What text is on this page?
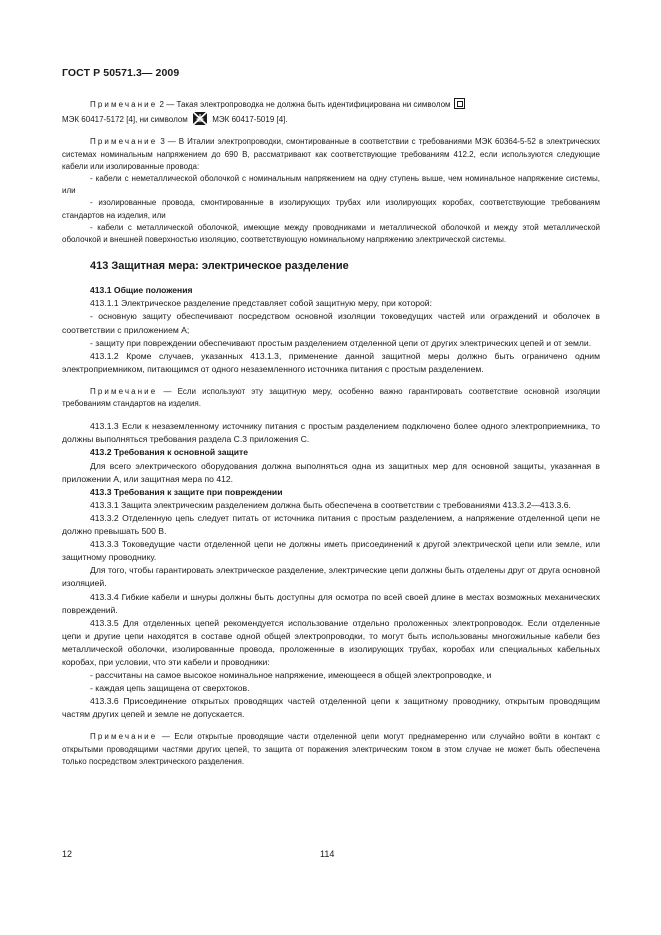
ГОСТ Р 50571.3— 2009

Примечание 2 — Такая электропроводка не должна быть идентифицирована ни символом
МЭК 60417-5172 [4], ни символом	МЭК 60417-5019 [4].

Примечание 3 — В Италии электропроводки, смонтированные в соответствии с требованиями МЭК 60364-5-52 в электрических системах номинальным напряжением до 690 В, рассматривают как соответствующие требованиям 412.2, если используются следующие кабели или изолированные провода:

- кабели с неметаллической оболочкой с номинальным напряжением на одну ступень выше, чем номинальное напряжение системы, или

- изолированные провода, смонтированные в изолирующих трубах или изолирующих коробах, соответствующие требованиям стандартов на изделия, или

- кабели с металлической оболочкой, имеющие между проводниками и металлической оболочкой и между этой металлической оболочкой и внешней поверхностью изоляцию, соответствующую номинальному напряжению электрической системы.

413 Защитная мера: электрическое разделение

413.1 Общие положения

413.1.1 Электрическое разделение представляет собой защитную меру, при которой:

- основную защиту обеспечивают посредством основной изоляции токоведущих частей или ограждений и оболочек в соответствии с приложением А;

- защиту при повреждении обеспечивают простым разделением отделенной цепи от других электрических цепей и от земли.

413.1.2 Кроме случаев, указанных 413.1.3, применение данной защитной меры должно быть ограничено одним электроприемником, питающимся от одного незаземленного источника питания с простым разделением.

Примечание — Если используют эту защитную меру, особенно важно гарантировать соответствие основной изоляции требованиям стандартов на изделия.

413.1.3 Если к незаземленному источнику питания с простым разделением подключено более одного электроприемника, то должны выполняться требования раздела С.3 приложения С.

413.2 Требования к основной защите

Для всего электрического оборудования должна выполняться одна из защитных мер для основной защиты, указанная в приложении А, или защитная мера по 412.

413.3 Требования к защите при повреждении

413.3.1 Защита электрическим разделением должна быть обеспечена в соответствии с требованиями 413.3.2—413.3.6.

413.3.2 Отделенную цепь следует питать от источника питания с простым разделением, а напряжение отделенной цепи не должно превышать 500 В.

413.3.3 Токоведущие части отделенной цепи не должны иметь присоединений к другой электрической цепи или земле, или защитному проводнику.

Для того, чтобы гарантировать электрическое разделение, электрические цепи должны быть отделены друг от друга основной изоляцией.

413.3.4 Гибкие кабели и шнуры должны быть доступны для осмотра по всей своей длине в местах возможных механических повреждений.

413.3.5 Для отделенных цепей рекомендуется использование отдельно проложенных электропроводок. Если отделенные цепи и другие цепи находятся в составе одной общей электропроводки, то могут быть использованы многожильные кабели без металлической оболочки, изолированные провода, проложенные в изолирующих трубах, коробах или специальных кабельных коробах, при условии, что эти кабели и проводники:

- рассчитаны на самое высокое номинальное напряжение, имеющееся в общей электропроводке, и

- каждая цепь защищена от сверхтоков.

413.3.6 Присоединение открытых проводящих частей отделенной цепи к защитному проводнику, открытым проводящим частям других цепей и земле не допускается.

Примечание — Если открытые проводящие части отделенной цепи могут преднамеренно или случайно войти в контакт с открытыми проводящими частями других цепей, то защита от поражения электрическим током в этом случае не может быть обеспечена только посредством электрического разделения.

12	114
